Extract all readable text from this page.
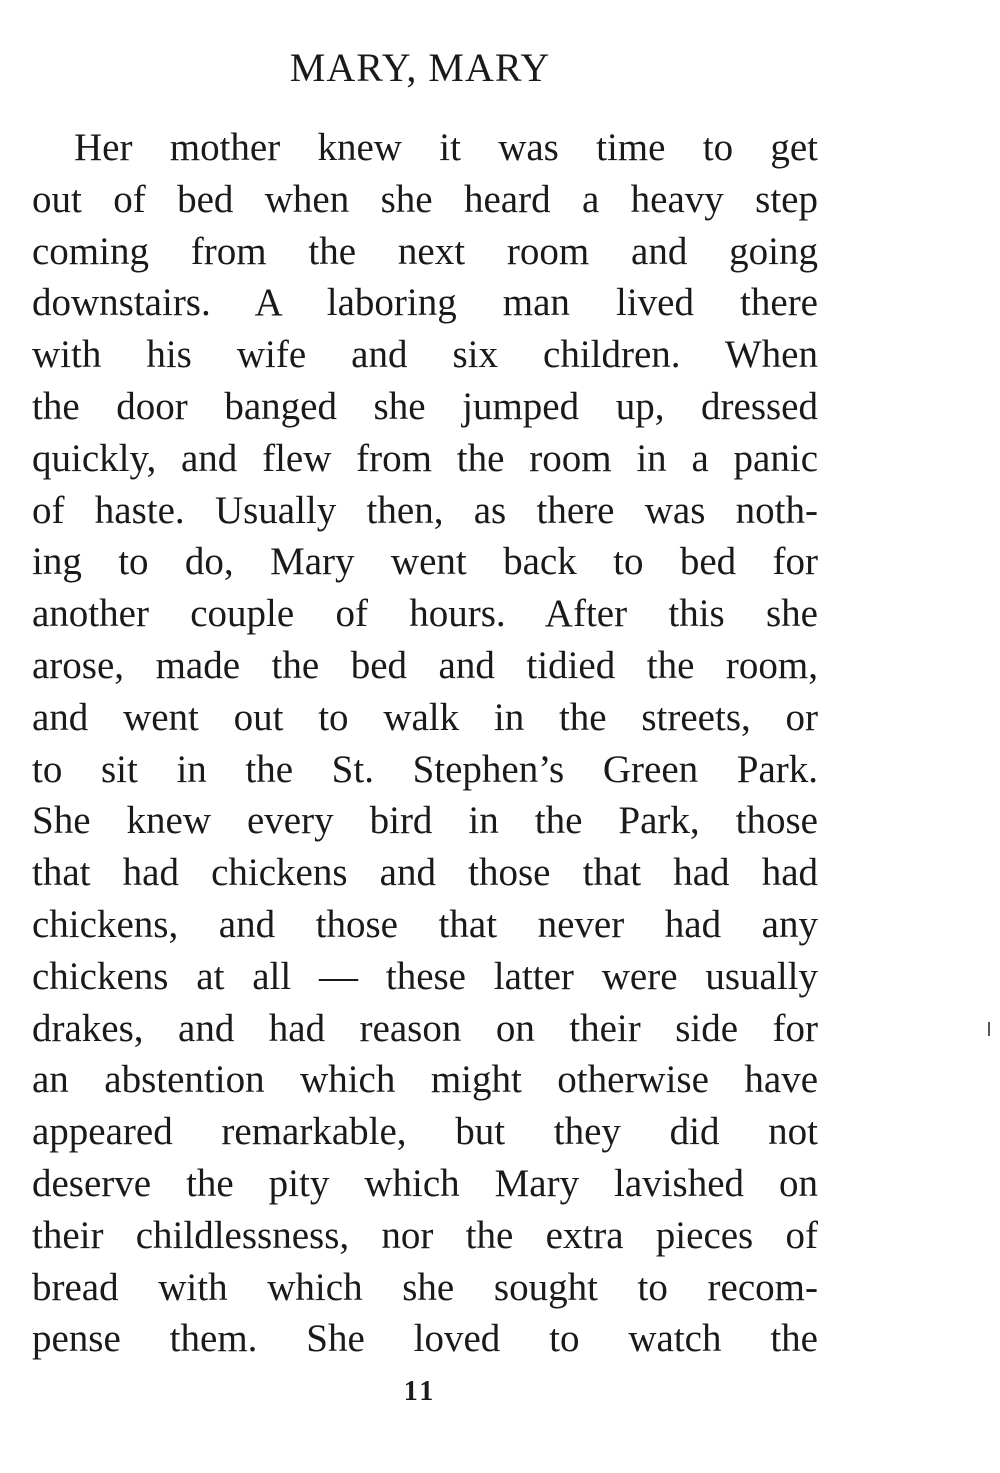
MARY, MARY
Her mother knew it was time to get
out of bed when she heard a heavy step
coming from the next room and going
downstairs. A laboring man lived there
with his wife and six children. When
the door banged she jumped up, dressed
quickly, and flew from the room in a panic
of haste. Usually then, as there was noth-
ing to do, Mary went back to bed for
another couple of hours. After this she
arose, made the bed and tidied the room,
and went out to walk in the streets, or
to sit in the St. Stephen’s Green Park.
She knew every bird in the Park, those
that had chickens and those that had had
chickens, and those that never had any
chickens at all — these latter were usually
drakes, and had reason on their side for
an abstention which might otherwise have
appeared remarkable, but they did not
deserve the pity which Mary lavished on
their childlessness, nor the extra pieces of
bread with which she sought to recom-
pense them. She loved to watch the
11
